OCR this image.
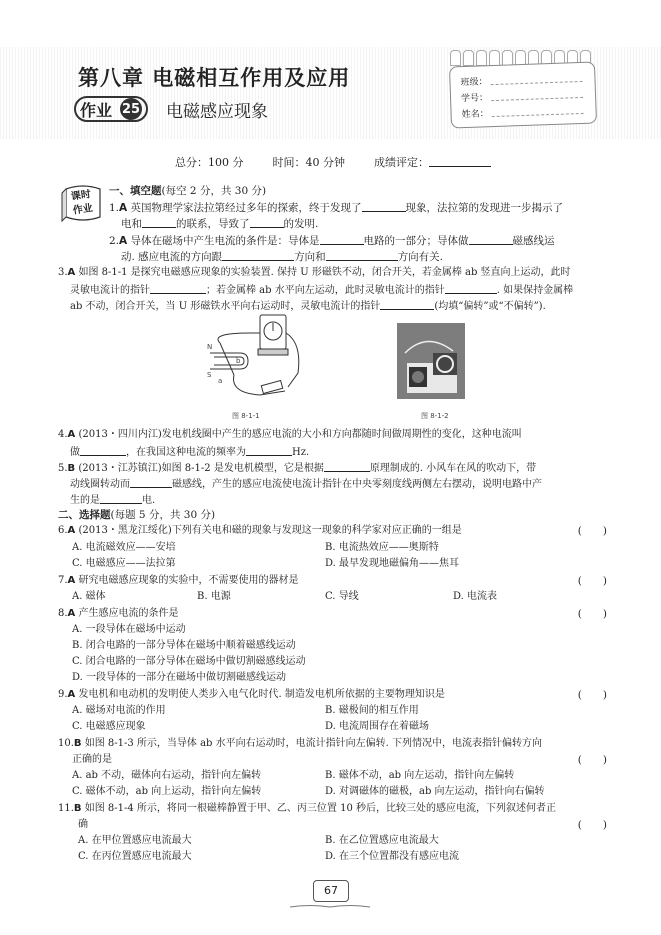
班级：
学号：
姓名：
第八章 电磁相互作用及应用
作业 25 电磁感应现象
总分：100 分	时间：40 分钟	成绩评定：
课时作业
一、填空题(每空 2 分，共 30 分)
1.A 英国物理学家法拉第经过多年的探索，终于发现了	现象，法拉第的发现进一步揭示了
电和	的联系，导致了	的发明.
2.A 导体在磁场中产生电流的条件是：导体是	电路的一部分；导体做	磁感线运
动. 感应电流的方向跟	方向和	方向有关.
3.A 如图 8-1-1 是探究电磁感应现象的实验装置. 保持 U 形磁铁不动，闭合开关，若金属棒 ab 竖直向上运动，此时
灵敏电流计的指针	；若金属棒 ab 水平向左运动，此时灵敏电流计的指针	. 如果保持金属棒
ab 不动，闭合开关，当 U 形磁铁水平向右运动时，灵敏电流计的指针	(均填“偏转”或“不偏转”).
N
S
b
a
图 8-1-1	图 8-1-2
4.A (2013・四川内江)发电机线圈中产生的感应电流的大小和方向都随时间做周期性的变化，这种电流叫
做	，在我国这种电流的频率为	Hz.
5.B (2013・江苏镇江)如图 8-1-2 是发电机模型，它是根据	原理制成的. 小风车在风的吹动下，带
动线圈转动而	磁感线，产生的感应电流使电流计指针在中央零刻度线两侧左右摆动，说明电路中产
生的是	电.
二、选择题(每题 5 分，共 30 分)
6.A (2013・黑龙江绥化)下列有关电和磁的现象与发现这一现象的科学家对应正确的一组是	(　　)
A. 电流磁效应——安培	B. 电流热效应——奥斯特
C. 电磁感应——法拉第	D. 最早发现地磁偏角——焦耳
7.A 研究电磁感应现象的实验中，不需要使用的器材是	(　　)
A. 磁体	B. 电源	C. 导线	D. 电流表
8.A 产生感应电流的条件是	(　　)
A. 一段导体在磁场中运动
B. 闭合电路的一部分导体在磁场中顺着磁感线运动
C. 闭合电路的一部分导体在磁场中做切割磁感线运动
D. 一段导体的一部分在磁场中做切割磁感线运动
9.A 发电机和电动机的发明使人类步入电气化时代. 制造发电机所依据的主要物理知识是	(　　)
A. 磁场对电流的作用	B. 磁极间的相互作用
C. 电磁感应现象	D. 电流周围存在着磁场
10.B 如图 8-1-3 所示，当导体 ab 水平向右运动时，电流计指针向左偏转. 下列情况中，电流表指针偏转方向
正确的是	(　　)
A. ab 不动，磁体向右运动，指针向左偏转	B. 磁体不动，ab 向左运动，指针向左偏转
C. 磁体不动，ab 向上运动，指针向左偏转	D. 对调磁体的磁极，ab 向左运动，指针向右偏转
11.B 如图 8-1-4 所示，将同一根磁棒静置于甲、乙、丙三位置 10 秒后，比较三处的感应电流，下列叙述何者正
确	(　　)
A. 在甲位置感应电流最大	B. 在乙位置感应电流最大
C. 在丙位置感应电流最大	D. 在三个位置都没有感应电流
67
